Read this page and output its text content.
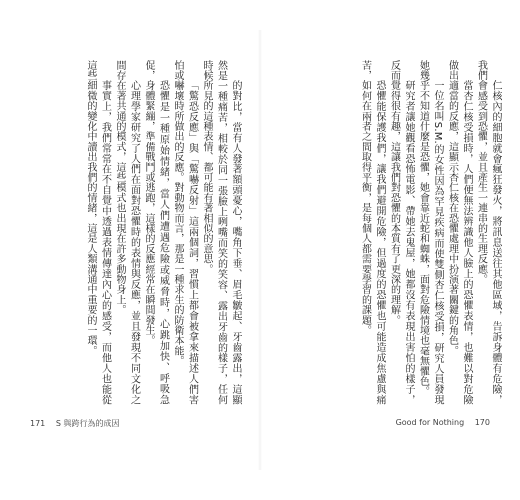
的對比，當有人發著額頭憂心，嘴角下垂、眉毛皺起、牙齒露出，這顯然是一種痛苦，相較於同一張臉上咧嘴而笑的笑容、露出牙齒的樣子，任何時候所見的這種表情、都可能有著相似的意思。

「驚恐反應」與「驚嚇反射」這兩個詞，習慣上都會被拿來描述人們害怕或嚇壞時所做出的反應。對動物而言，那是一種求生的防衛本能。

恐懼是一種原始情緒，當人們遭遇危險或威脅時，心跳加快、呼吸急促，身體緊繃，準備戰鬥或逃跑，這樣的反應經常在瞬間發生。

心理學家研究了人們在面對恐懼時的表情與反應，並且發現不同文化之間存在著共通的模式，這些模式也出現在許多動物身上。

事實上，我們常常在不自覺中透過表情傳達內心的感受，而他人也能從這些細微的變化中讀出我們的情緒，這是人類溝通中重要的一環。

171 S 與跨行為的成因

仁核內的細胞就會瘋狂發火，將訊息送往其他區域，告訴身體有危險，我們會感受到恐懼，並且產生一連串的生理反應。

當杏仁核受損時，人們便無法辨識他人臉上的恐懼表情，也難以對危險做出適當的反應，這顯示杏仁核在恐懼處理中扮演著關鍵的角色。

一位名叫S.M.的女性因為罕見疾病而使雙側杏仁核受損，研究人員發現她幾乎不知道什麼是恐懼，她會靠近蛇和蜘蛛，面對危險情境也毫無懼色。

研究者讓她觀看恐怖電影、帶她去鬼屋，她都沒有表現出害怕的樣子，反而覺得很有趣，這讓我們對恐懼的本質有了更深的理解。

恐懼能保護我們，讓我們避開危險，但過度的恐懼也可能造成焦慮與痛苦，如何在兩者之間取得平衡，是每個人都需要學習的課題。

Good for Nothing 170
